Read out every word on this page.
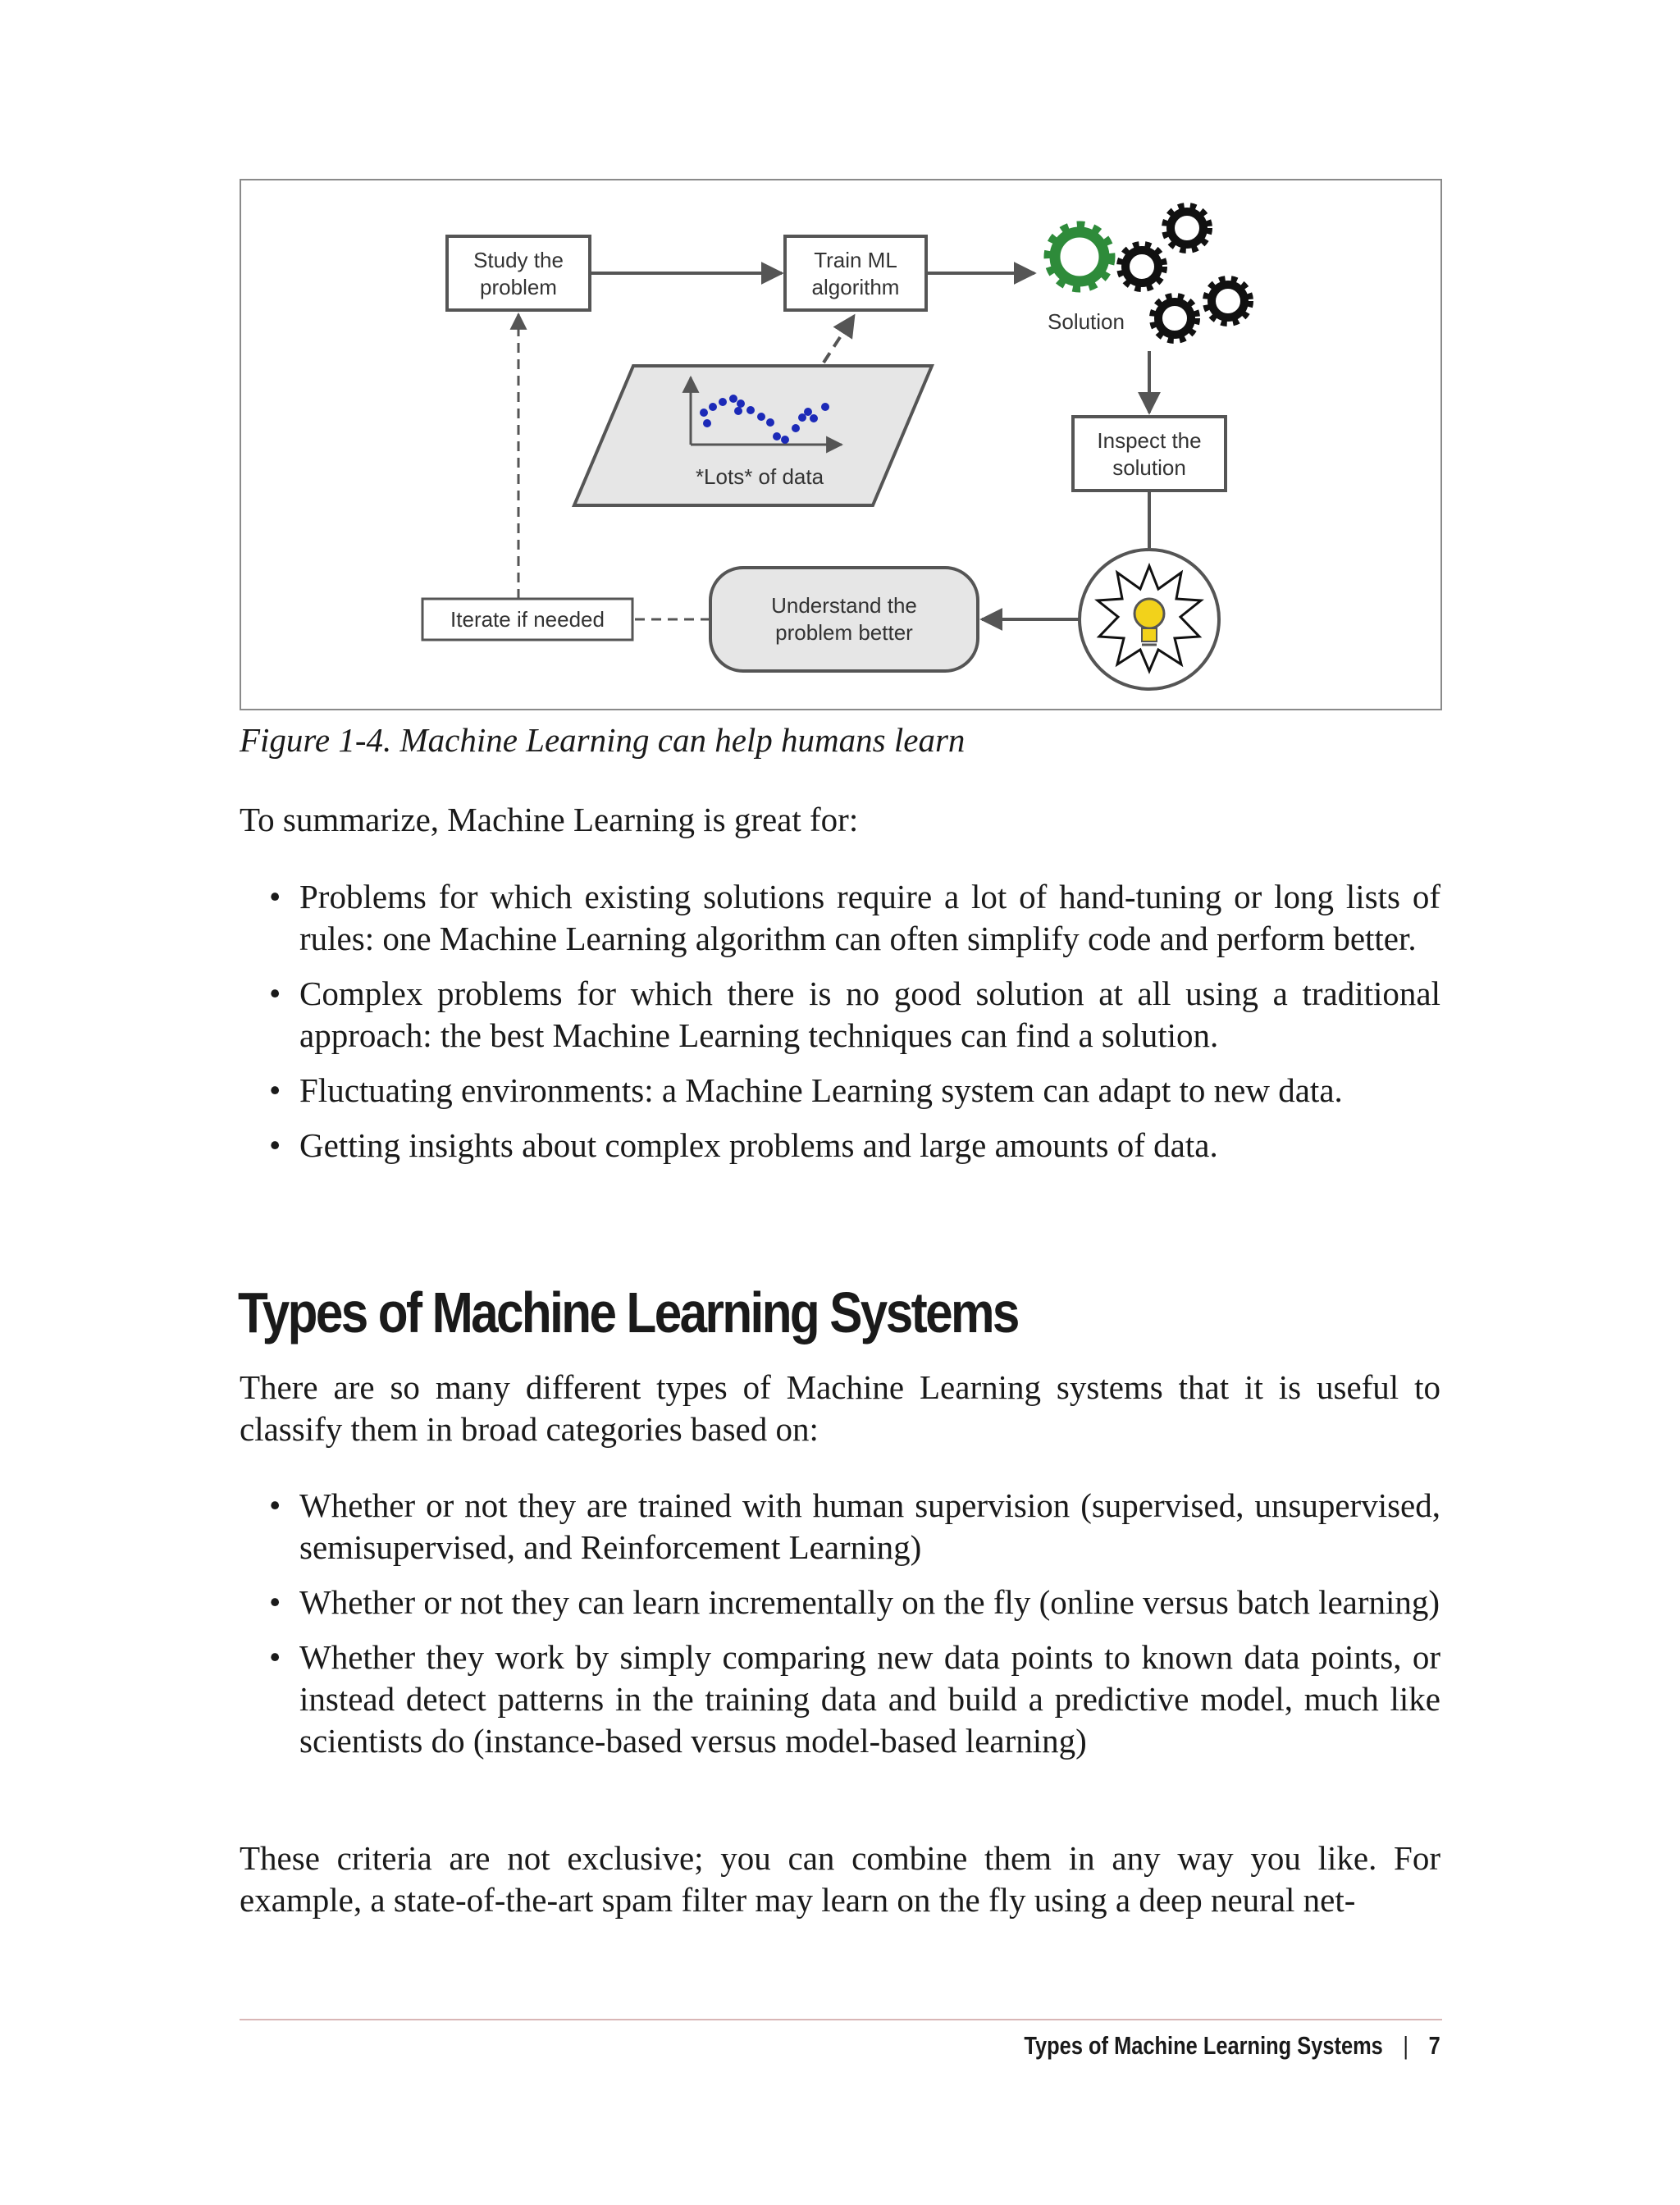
Study the
problem
Train ML
algorithm
Solution
*Lots* of data
Inspect the
solution
Understand the
problem better
Iterate if needed
Figure 1-4. Machine Learning can help humans learn

To summarize, Machine Learning is great for:

• Problems for which existing solutions require a lot of hand-tuning or long lists of rules: one Machine Learning algorithm can often simplify code and perform better.
• Complex problems for which there is no good solution at all using a traditional approach: the best Machine Learning techniques can find a solution.
• Fluctuating environments: a Machine Learning system can adapt to new data.
• Getting insights about complex problems and large amounts of data.
Types of Machine Learning Systems

There are so many different types of Machine Learning systems that it is useful to classify them in broad categories based on:

• Whether or not they are trained with human supervision (supervised, unsupervised, semisupervised, and Reinforcement Learning)
• Whether or not they can learn incrementally on the fly (online versus batch learning)
• Whether they work by simply comparing new data points to known data points, or instead detect patterns in the training data and build a predictive model, much like scientists do (instance-based versus model-based learning)

These criteria are not exclusive; you can combine them in any way you like. For example, a state-of-the-art spam filter may learn on the fly using a deep neural net-

Types of Machine Learning Systems | 7
